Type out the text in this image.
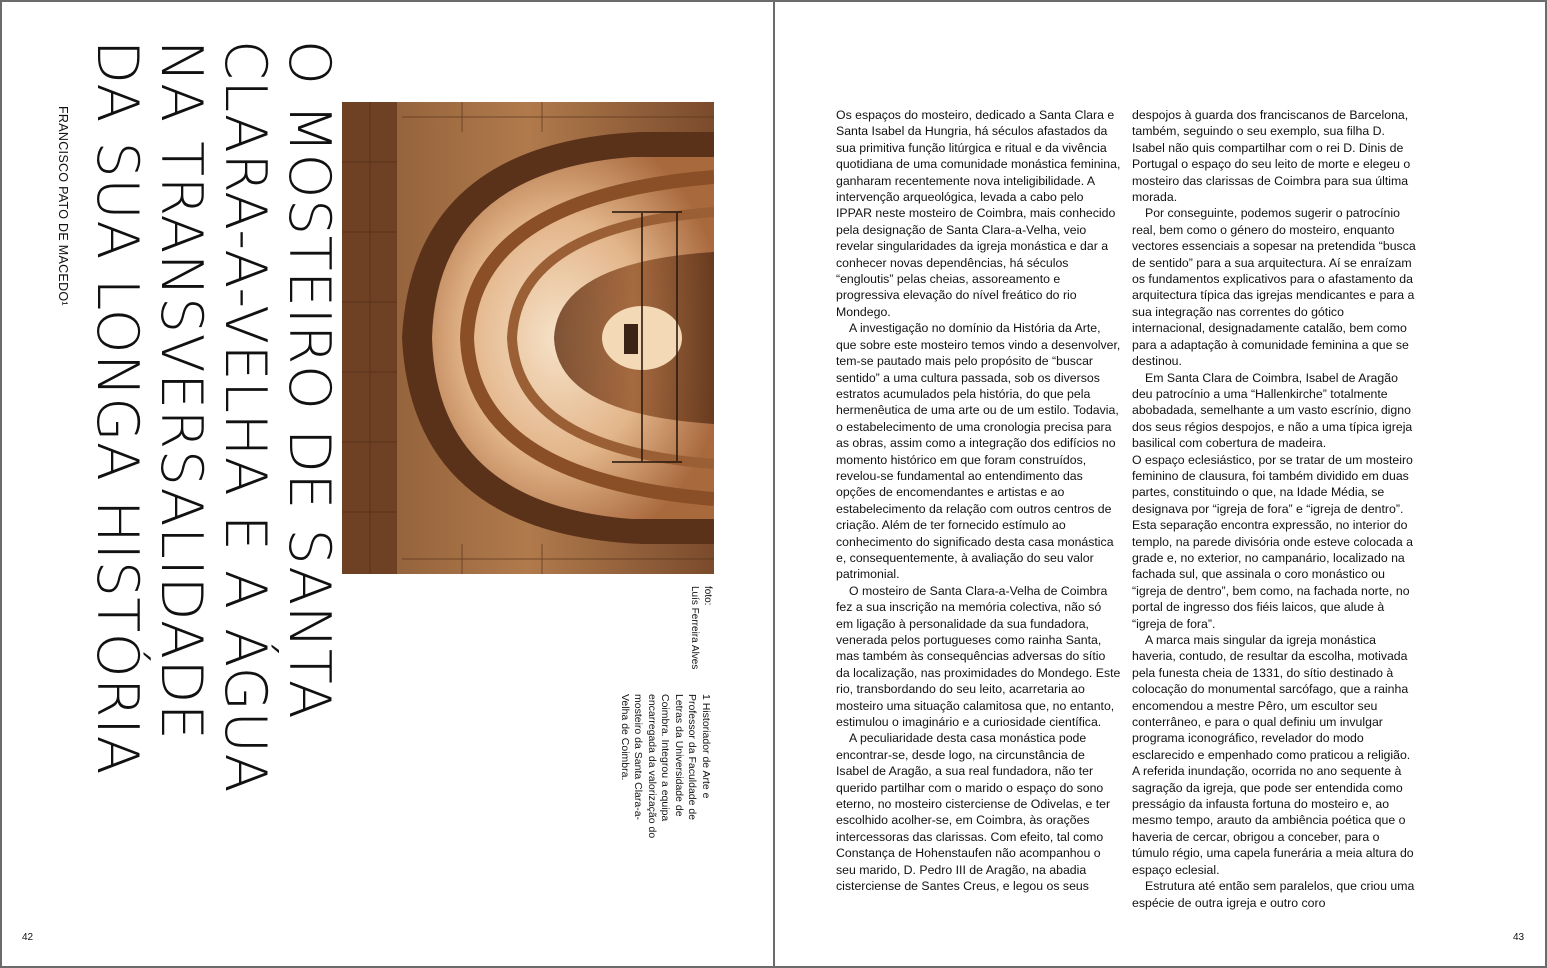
O MOSTEIRO DE SANTA
CLARA-A-VELHA E A ÁGUA
NA TRANSVERSALIDADE
DA SUA LONGA HISTÓRIA
FRANCISCO PATO DE MACEDO¹
foto:
Luís Ferreira Alves
1 Historiador de Arte e Professor da Faculdade de Letras da Universidade de Coimbra. Integrou a equipa encarregada da valorização do mosteiro da Santa Clara-a-Velha de Coimbra.
42

Os espaços do mosteiro, dedicado a Santa Clara e Santa Isabel da Hungria, há séculos afastados da sua primitiva função litúrgica e ritual e da vivência quotidiana de uma comunidade monástica feminina, ganharam recentemente nova inteligibilidade. A intervenção arqueológica, levada a cabo pelo IPPAR neste mosteiro de Coimbra, mais conhecido pela designação de Santa Clara-a-Velha, veio revelar singularidades da igreja monástica e dar a conhecer novas dependências, há séculos “engloutis” pelas cheias, assoreamento e progressiva elevação do nível freático do rio Mondego.

A investigação no domínio da História da Arte, que sobre este mosteiro temos vindo a desenvolver, tem-se pautado mais pelo propósito de “buscar sentido” a uma cultura passada, sob os diversos estratos acumulados pela história, do que pela hermenêutica de uma arte ou de um estilo. Todavia, o estabelecimento de uma cronologia precisa para as obras, assim como a integração dos edifícios no momento histórico em que foram construídos, revelou-se fundamental ao entendimento das opções de encomendantes e artistas e ao estabelecimento da relação com outros centros de criação. Além de ter fornecido estímulo ao conhecimento do significado desta casa monástica e, consequentemente, à avaliação do seu valor patrimonial.

O mosteiro de Santa Clara-a-Velha de Coimbra fez a sua inscrição na memória colectiva, não só em ligação à personalidade da sua fundadora, venerada pelos portugueses como rainha Santa, mas também às consequências adversas do sítio da localização, nas proximidades do Mondego. Este rio, transbordando do seu leito, acarretaria ao mosteiro uma situação calamitosa que, no entanto, estimulou o imaginário e a curiosidade científica.

A peculiaridade desta casa monástica pode encontrar-se, desde logo, na circunstância de Isabel de Aragão, a sua real fundadora, não ter querido partilhar com o marido o espaço do sono eterno, no mosteiro cisterciense de Odivelas, e ter escolhido acolher-se, em Coimbra, às orações intercessoras das clarissas. Com efeito, tal como Constança de Hohenstaufen não acompanhou o seu marido, D. Pedro III de Aragão, na abadia cisterciense de Santes Creus, e legou os seus

despojos à guarda dos franciscanos de Barcelona, também, seguindo o seu exemplo, sua filha D. Isabel não quis compartilhar com o rei D. Dinis de Portugal o espaço do seu leito de morte e elegeu o mosteiro das clarissas de Coimbra para sua última morada.

Por conseguinte, podemos sugerir o patrocínio real, bem como o género do mosteiro, enquanto vectores essenciais a sopesar na pretendida “busca de sentido” para a sua arquitectura. Aí se enraízam os fundamentos explicativos para o afastamento da arquitectura típica das igrejas mendicantes e para a sua integração nas correntes do gótico internacional, designadamente catalão, bem como para a adaptação à comunidade feminina a que se destinou.

Em Santa Clara de Coimbra, Isabel de Aragão deu patrocínio a uma “Hallenkirche” totalmente abobadada, semelhante a um vasto escrínio, digno dos seus régios despojos, e não a uma típica igreja basilical com cobertura de madeira.

O espaço eclesiástico, por se tratar de um mosteiro feminino de clausura, foi também dividido em duas partes, constituindo o que, na Idade Média, se designava por “igreja de fora” e “igreja de dentro”. Esta separação encontra expressão, no interior do templo, na parede divisória onde esteve colocada a grade e, no exterior, no campanário, localizado na fachada sul, que assinala o coro monástico ou “igreja de dentro”, bem como, na fachada norte, no portal de ingresso dos fiéis laicos, que alude à “igreja de fora”.

A marca mais singular da igreja monástica haveria, contudo, de resultar da escolha, motivada pela funesta cheia de 1331, do sítio destinado à colocação do monumental sarcófago, que a rainha encomendou a mestre Pêro, um escultor seu conterrâneo, e para o qual definiu um invulgar programa iconográfico, revelador do modo esclarecido e empenhado como praticou a religião. A referida inundação, ocorrida no ano sequente à sagração da igreja, que pode ser entendida como presságio da infausta fortuna do mosteiro e, ao mesmo tempo, arauto da ambiência poética que o haveria de cercar, obrigou a conceber, para o túmulo régio, uma capela funerária a meia altura do espaço eclesial.

Estrutura até então sem paralelos, que criou uma espécie de outra igreja e outro coro

43
